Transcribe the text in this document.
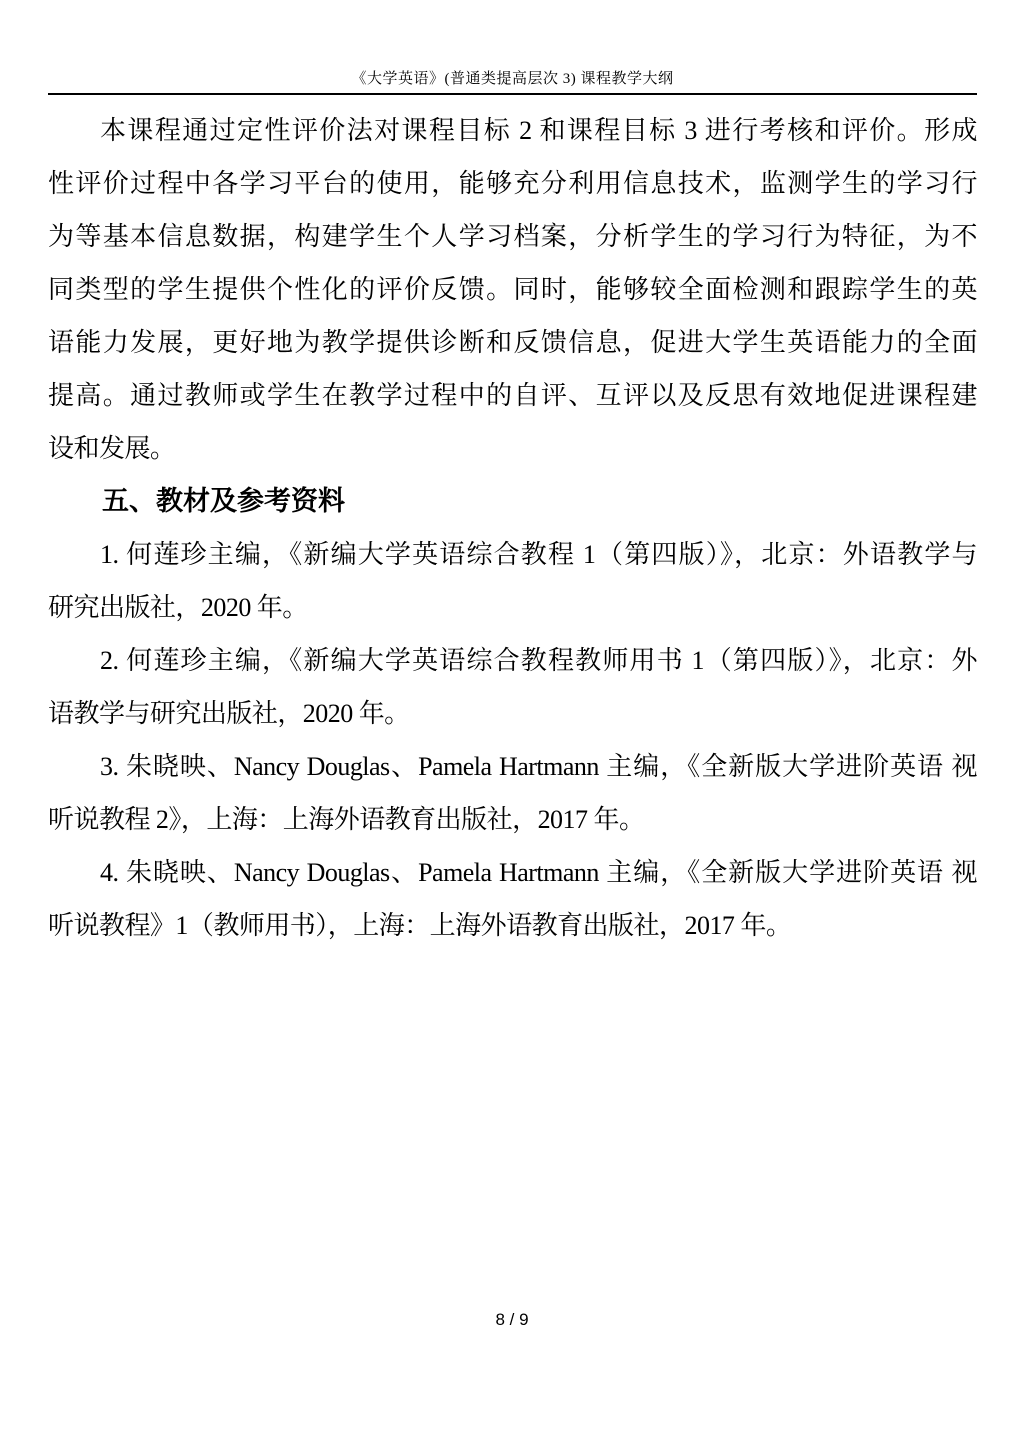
《大学英语》(普通类提高层次 3) 课程教学大纲
本课程通过定性评价法对课程目标 2 和课程目标 3 进行考核和评价。形成
性评价过程中各学习平台的使用，能够充分利用信息技术，监测学生的学习行
为等基本信息数据，构建学生个人学习档案，分析学生的学习行为特征，为不
同类型的学生提供个性化的评价反馈。同时，能够较全面检测和跟踪学生的英
语能力发展，更好地为教学提供诊断和反馈信息，促进大学生英语能力的全面
提高。通过教师或学生在教学过程中的自评、互评以及反思有效地促进课程建
设和发展。
五、教材及参考资料
1. 何莲珍主编，《新编大学英语综合教程 1（第四版）》，北京：外语教学与
研究出版社，2020 年。
2. 何莲珍主编，《新编大学英语综合教程教师用书 1（第四版）》，北京：外
语教学与研究出版社，2020 年。
3. 朱晓映、Nancy Douglas、Pamela Hartmann 主编，《全新版大学进阶英语 视
听说教程 2》，上海：上海外语教育出版社，2017 年。
4. 朱晓映、Nancy Douglas、Pamela Hartmann 主编，《全新版大学进阶英语 视
听说教程》1（教师用书），上海：上海外语教育出版社，2017 年。
8 / 9
